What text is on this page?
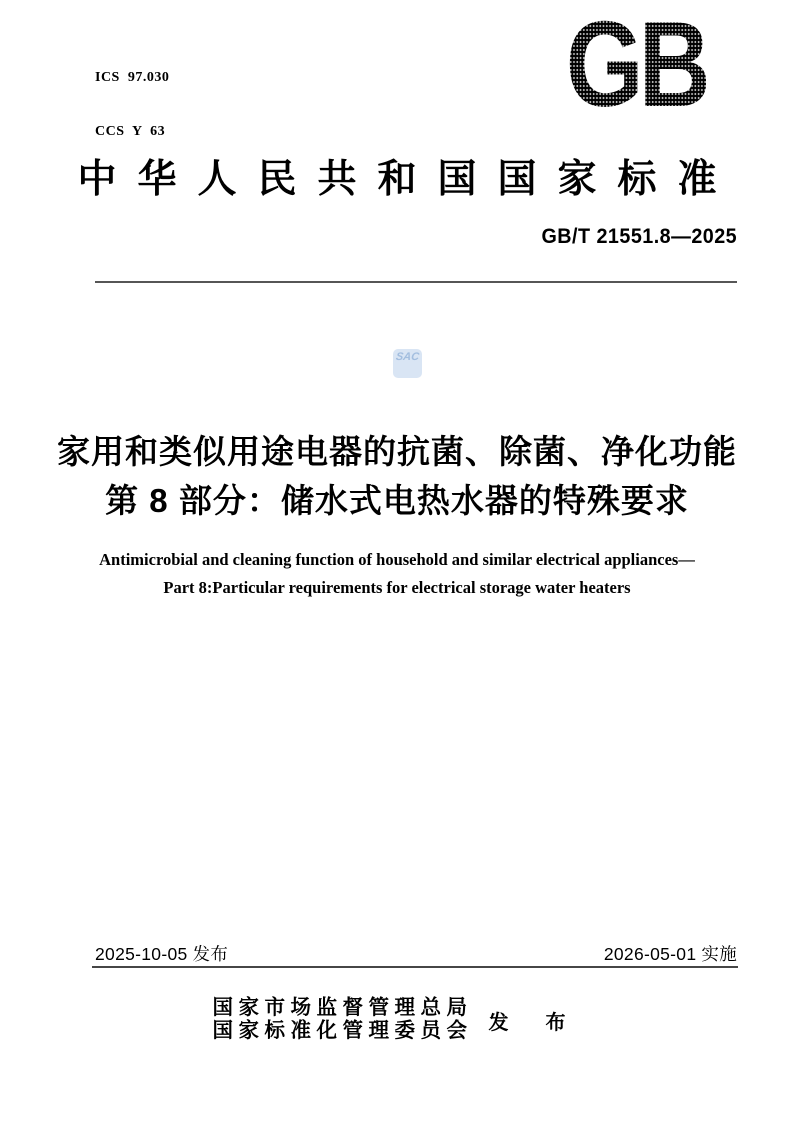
ICS  97.030

CCS  Y  63

	GB
中华人民共和国国家标准
GB/T 21551.8—2025
SAC
家用和类似用途电器的抗菌、除菌、净化功能
第 8 部分：储水式电热水器的特殊要求
Antimicrobial and cleaning function of household and similar electrical appliances—
Part 8:Particular requirements for electrical storage water heaters
2025-10-05 发布	2026-05-01 实施
国家市场监督管理总局
国家标准化管理委员会 发 布
